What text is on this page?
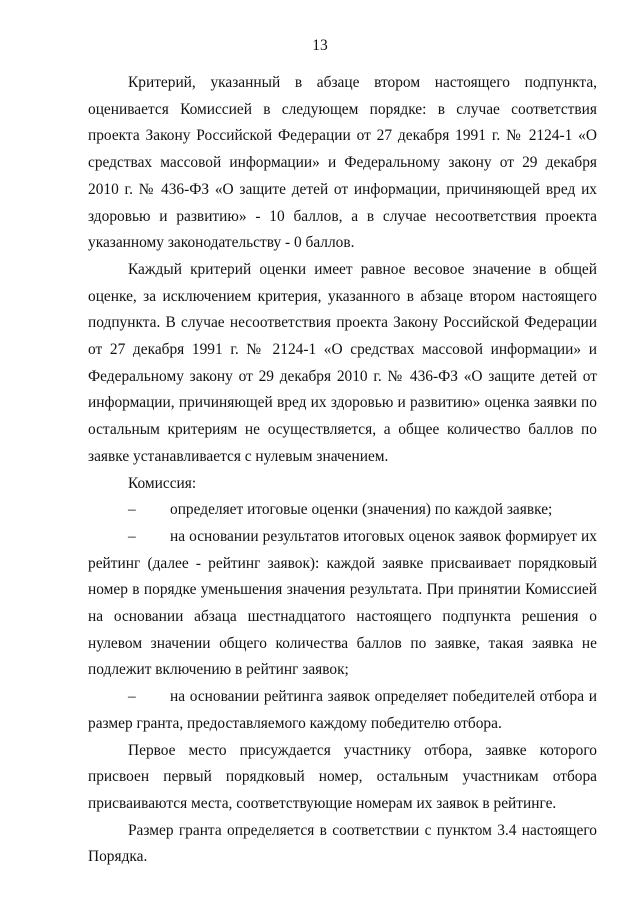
13

Критерий, указанный в абзаце втором настоящего подпункта, оценивается Комиссией в следующем порядке: в случае соответствия проекта Закону Российской Федерации от 27 декабря 1991 г. № 2124-1 «О средствах массовой информации» и Федеральному закону от 29 декабря 2010 г. № 436-ФЗ «О защите детей от информации, причиняющей вред их здоровью и развитию» - 10 баллов, а в случае несоответствия проекта указанному законодательству - 0 баллов.

Каждый критерий оценки имеет равное весовое значение в общей оценке, за исключением критерия, указанного в абзаце втором настоящего подпункта. В случае несоответствия проекта Закону Российской Федерации от 27 декабря 1991 г. № 2124-1 «О средствах массовой информации» и Федеральному закону от 29 декабря 2010 г. № 436-ФЗ «О защите детей от информации, причиняющей вред их здоровью и развитию» оценка заявки по остальным критериям не осуществляется, а общее количество баллов по заявке устанавливается с нулевым значением.

Комиссия:

– определяет итоговые оценки (значения) по каждой заявке;

– на основании результатов итоговых оценок заявок формирует их рейтинг (далее - рейтинг заявок): каждой заявке присваивает порядковый номер в порядке уменьшения значения результата. При принятии Комиссией на основании абзаца шестнадцатого настоящего подпункта решения о нулевом значении общего количества баллов по заявке, такая заявка не подлежит включению в рейтинг заявок;

– на основании рейтинга заявок определяет победителей отбора и размер гранта, предоставляемого каждому победителю отбора.

Первое место присуждается участнику отбора, заявке которого присвоен первый порядковый номер, остальным участникам отбора присваиваются места, соответствующие номерам их заявок в рейтинге.

Размер гранта определяется в соответствии с пунктом 3.4 настоящего Порядка.
